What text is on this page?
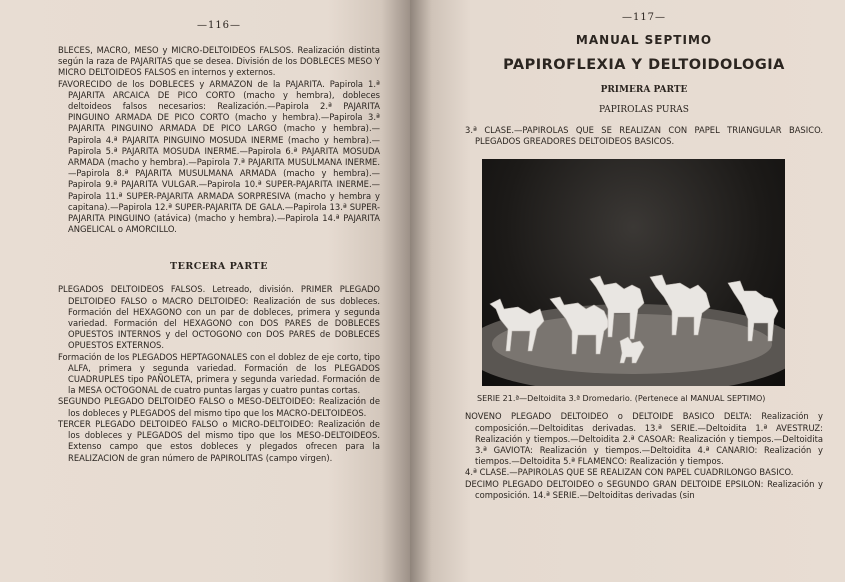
—116—

BLECES, MACRO, MESO y MICRO-DELTOIDEOS FALSOS. Realización distinta según la raza de PAJARITAS que se desea. División de los DOBLECES MESO Y MICRO DELTOIDEOS FALSOS en internos y externos.

FAVORECIDO de los DOBLECES y ARMAZON de la PAJARITA. Papirola 1.ª PAJARITA ARCAICA DE PICO CORTO (macho y hembra), dobleces deltoideos falsos necesarios: Realización.—Papirola 2.ª PAJARITA PINGUINO ARMADA DE PICO CORTO (macho y hembra).—Papirola 3.ª PAJARITA PINGUINO ARMADA DE PICO LARGO (macho y hembra).—Papirola 4.ª PAJARITA PINGUINO MOSUDA INERME (macho y hembra).—Papirola 5.ª PAJARITA MOSUDA INERME.—Papirola 6.ª PAJARITA MOSUDA ARMADA (macho y hembra).—Papirola 7.ª PAJARITA MUSULMANA INERME.—Papirola 8.ª PAJARITA MUSULMANA ARMADA (macho y hembra).—Papirola 9.ª PAJARITA VULGAR.—Papirola 10.ª SUPER-PAJARITA INERME.—Papirola 11.ª SUPER-PAJARITA ARMADA SORPRESIVA (macho y hembra y capitana).—Papirola 12.ª SUPER-PAJARITA DE GALA.—Papirola 13.ª SUPER-PAJARITA PINGUINO (atávica) (macho y hembra).—Papirola 14.ª PAJARITA ANGELICAL o AMORCILLO.

TERCERA PARTE

PLEGADOS DELTOIDEOS FALSOS. Letreado, división. PRIMER PLEGADO DELTOIDEO FALSO o MACRO DELTOIDEO: Realización de sus dobleces. Formación del HEXAGONO con un par de dobleces, primera y segunda variedad. Formación del HEXAGONO con DOS PARES de DOBLECES OPUESTOS INTERNOS y del OCTOGONO con DOS PARES de DOBLECES OPUESTOS EXTERNOS.

Formación de los PLEGADOS HEPTAGONALES con el doblez de eje corto, tipo ALFA, primera y segunda variedad. Formación de los PLEGADOS CUADRUPLES tipo PAÑOLETA, primera y segunda variedad. Formación de la MESA OCTOGONAL de cuatro puntas largas y cuatro puntas cortas.

SEGUNDO PLEGADO DELTOIDEO FALSO o MESO-DELTOIDEO: Realización de los dobleces y PLEGADOS del mismo tipo que los MACRO-DELTOIDEOS.

TERCER PLEGADO DELTOIDEO FALSO o MICRO-DELTOIDEO: Realización de los dobleces y PLEGADOS del mismo tipo que los MESO-DELTOIDEOS. Extenso campo que estos dobleces y plegados ofrecen para la REALIZACION de gran número de PAPIROLITAS (campo virgen).

—117—
MANUAL SEPTIMO
PAPIROFLEXIA Y DELTOIDOLOGIA
PRIMERA PARTE
PAPIROLAS PURAS

3.ª CLASE.—PAPIROLAS QUE SE REALIZAN CON PAPEL TRIANGULAR BASICO. PLEGADOS GREADORES DELTOIDEOS BASICOS.

SERIE 21.ª—Deltoidita 3.ª Dromedario. (Pertenece al MANUAL SEPTIMO)

NOVENO PLEGADO DELTOIDEO o DELTOIDE BASICO DELTA: Realización y composición.—Deltoiditas derivadas. 13.ª SERIE.—Deltoidita 1.ª AVESTRUZ: Realización y tiempos.—Deltoidita 2.ª CASOAR: Realización y tiempos.—Deltoidita 3.ª GAVIOTA: Realización y tiempos.—Deltoidita 4.ª CANARIO: Realización y tiempos.—Deltoidita 5.ª FLAMENCO: Realización y tiempos.

4.ª CLASE.—PAPIROLAS QUE SE REALIZAN CON PAPEL CUADRILONGO BASICO.

DECIMO PLEGADO DELTOIDEO o SEGUNDO GRAN DELTOIDE EPSILON: Realización y composición. 14.ª SERIE.—Deltoiditas derivadas (sin
